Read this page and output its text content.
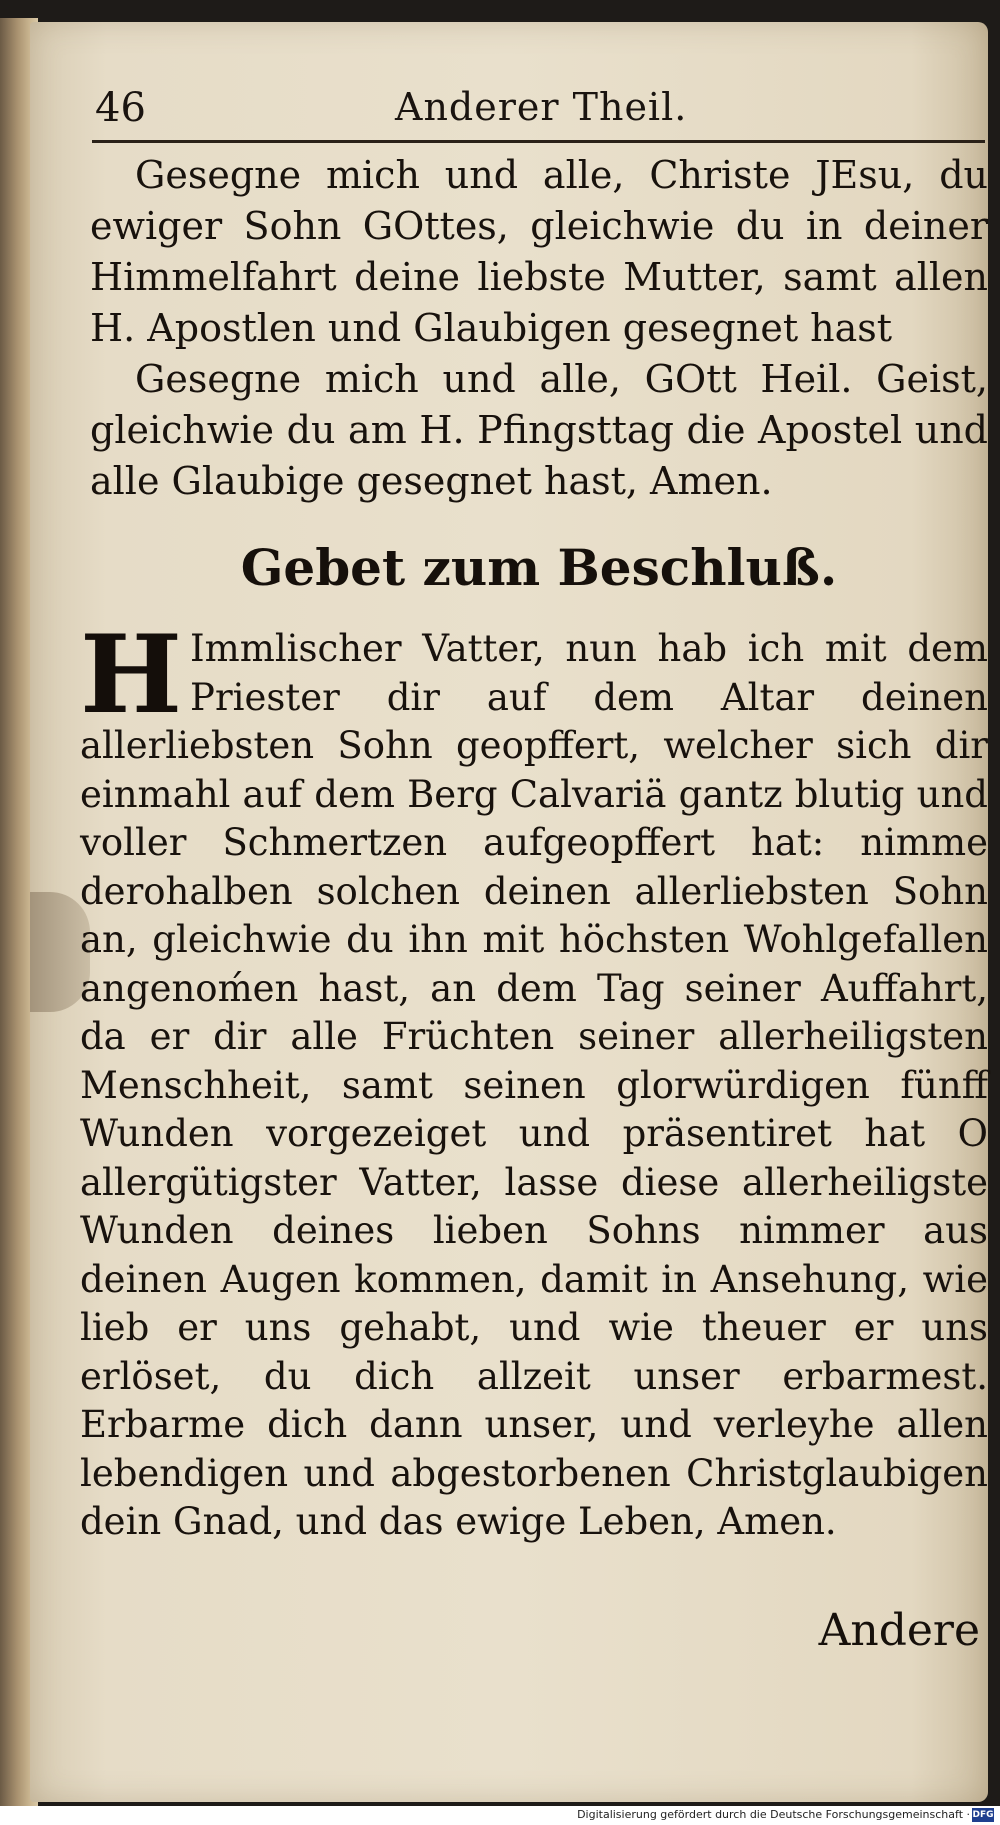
46	Anderer Theil.

Gesegne mich und alle, Christe JEsu, du ewiger Sohn GOttes, gleichwie du in deiner Himmelfahrt deine liebste Mutter, samt allen H. Apostlen und Glaubigen gesegnet hast

Gesegne mich und alle, GOtt Heil. Geist, gleichwie du am H. Pfingsttag die Apostel und alle Glaubige gesegnet hast, Amen.

Gebet zum Beschluß.
H Immlischer Vatter, nun hab ich mit dem Priester dir auf dem Altar deinen allerliebsten Sohn geopffert, welcher sich dir einmahl auf dem Berg Calvariä gantz blutig und voller Schmertzen aufgeopffert hat: nimme derohalben solchen deinen allerliebsten Sohn an, gleichwie du ihn mit höchsten Wohlgefallen angenoḿen hast, an dem Tag seiner Auffahrt, da er dir alle Früchten seiner allerheiligsten Menschheit, samt seinen glorwürdigen fünff Wunden vorgezeiget und präsentiret hat O allergütigster Vatter, lasse diese allerheiligste Wunden deines lieben Sohns nimmer aus deinen Augen kommen, damit in Ansehung, wie lieb er uns gehabt, und wie theuer er uns erlöset, du dich allzeit unser erbarmest. Erbarme dich dann unser, und verleyhe allen lebendigen und abgestorbenen Christglaubigen dein Gnad, und das ewige Leben, Amen.
Andere
Digitalisierung gefördert durch die Deutsche Forschungsgemeinschaft · DFG
